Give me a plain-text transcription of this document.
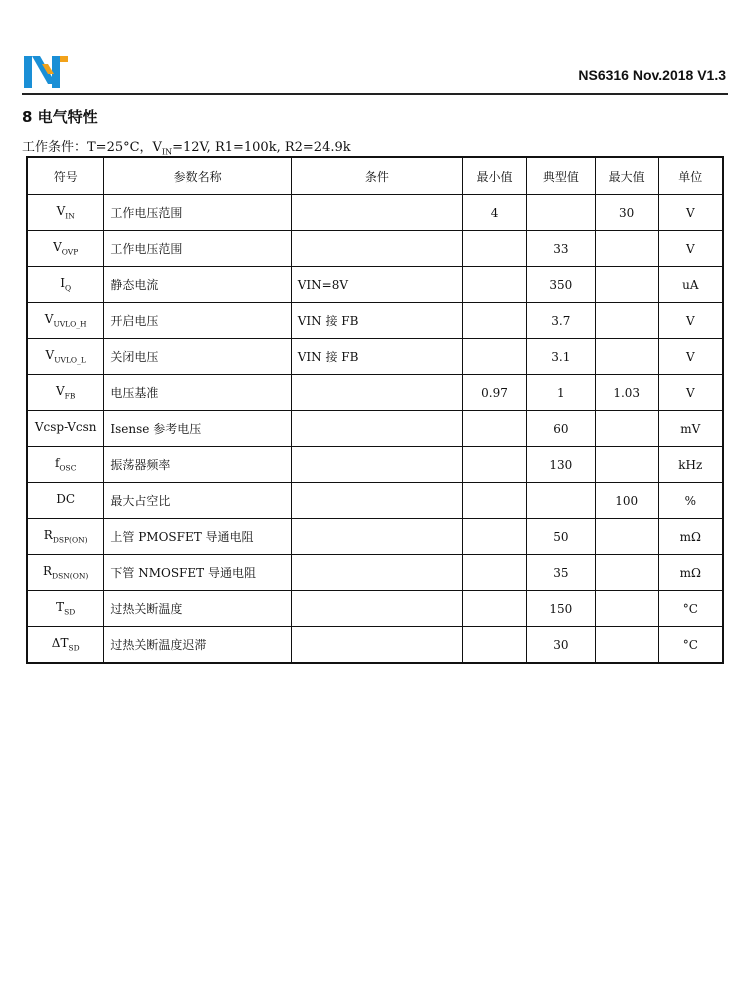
NS6316 Nov.2018 V1.3
8 电气特性
工作条件：T=25°C，$V_{IN}=12V$, R1=100k, R2=24.9k
符号	参数名称	条件	最小值	典型值	最大值	单位
$V_{IN}$	工作电压范围		4		30	V
$V_{OVP}$	工作电压范围			33		V
$I_Q$	静态电流	VIN=8V		350		uA
$V_{UVLO\_H}$	开启电压	VIN 接 FB		3.7		V
$V_{UVLO\_L}$	关闭电压	VIN 接 FB		3.1		V
$V_{FB}$	电压基准		0.97	1	1.03	V
Vcsp-Vcsn	Isense 参考电压			60		mV
$f_{OSC}$	振荡器频率			130		kHz
DC	最大占空比				100	%
$R_{DSP(ON)}$	上管 PMOSFET 导通电阻			50		mΩ
$R_{DSN(ON)}$	下管 NMOSFET 导通电阻			35		mΩ
$T_{SD}$	过热关断温度			150		°C
$\Delta T_{SD}$	过热关断温度迟滞			30		°C
